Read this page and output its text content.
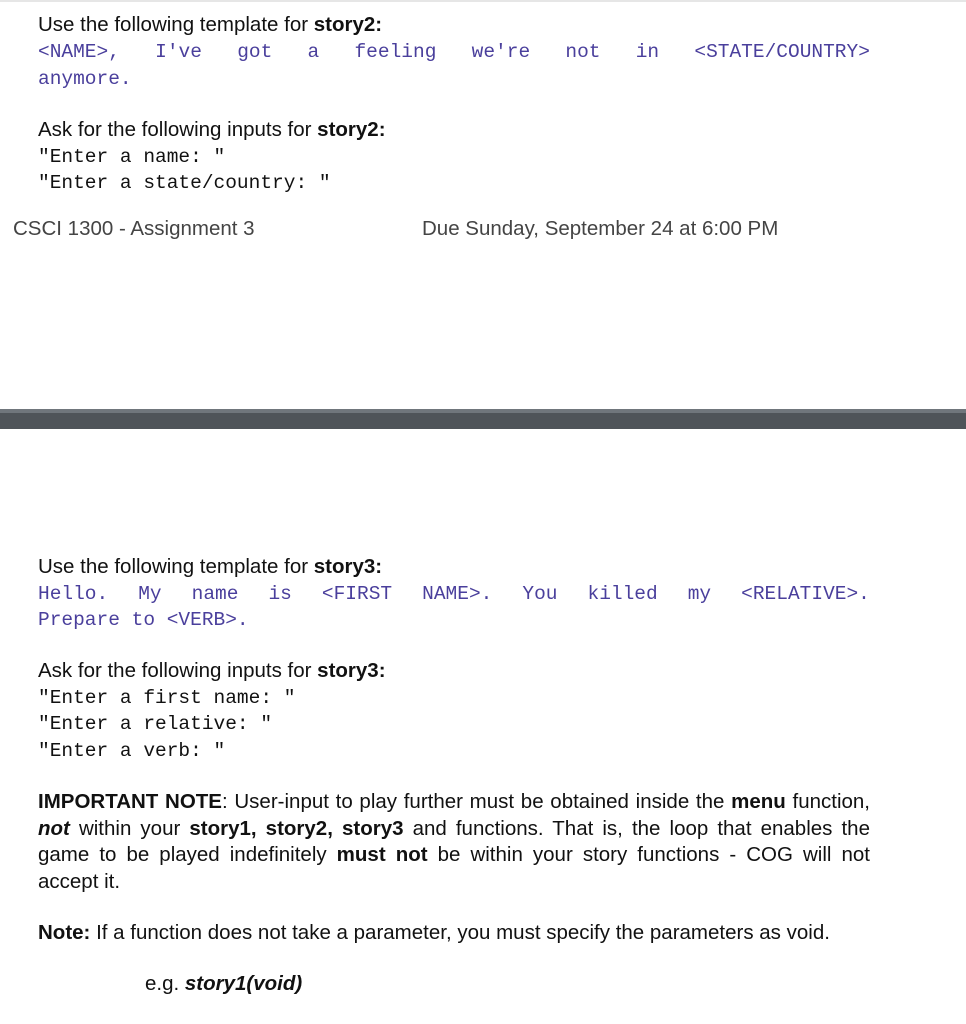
Use the following template for story2:
<NAME>, I've got a feeling we're not in <STATE/COUNTRY>
anymore.
Ask for the following inputs for story2:
"Enter a name: "
"Enter a state/country: "
CSCI 1300 - Assignment 3	Due Sunday, September 24 at 6:00 PM
Use the following template for story3:
Hello. My name is <FIRST NAME>. You killed my <RELATIVE>.
Prepare to <VERB>.
Ask for the following inputs for story3:
"Enter a first name: "
"Enter a relative: "
"Enter a verb: "
IMPORTANT NOTE: User-input to play further must be obtained inside the menu function, not within your story1, story2, story3 and functions. That is, the loop that enables the game to be played indefinitely must not be within your story functions - COG will not accept it.
Note: If a function does not take a parameter, you must specify the parameters as void.
e.g. story1(void)
